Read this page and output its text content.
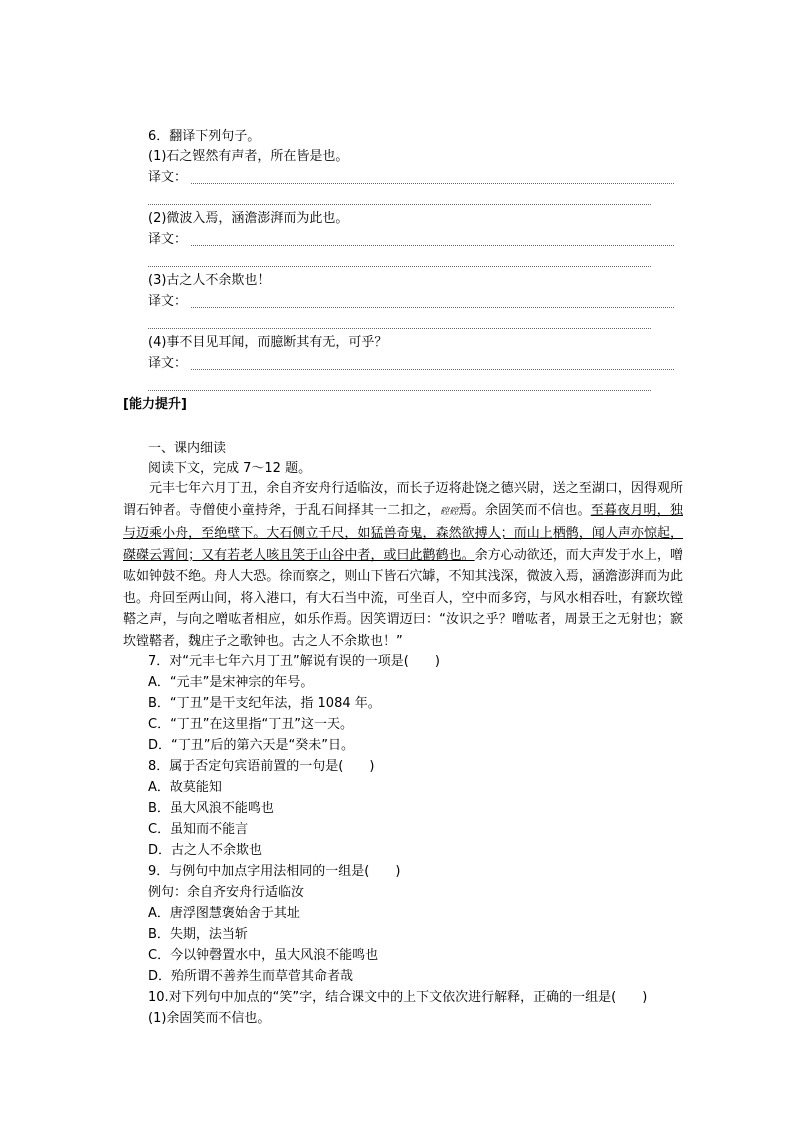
6．翻译下列句子。
(1)石之铿然有声者，所在皆是也。
译文：
(2)微波入焉，涵澹澎湃而为此也。
译文：
(3)古之人不余欺也！
译文：
(4)事不目见耳闻，而臆断其有无，可乎？
译文：
[能力提升]
一、课内细读
阅读下文，完成 7～12 题。

元丰七年六月丁丑，余自齐安舟行适临汝，而长子迈将赴饶之德兴尉，送之至湖口，因得观所谓石钟者。寺僧使小童持斧，于乱石间择其一二扣之，硿硿焉。余固笑而不信也。至暮夜月明，独与迈乘小舟，至绝壁下。大石侧立千尺，如猛兽奇鬼，森然欲搏人；而山上栖鹘，闻人声亦惊起，磔磔云霄间；又有若老人咳且笑于山谷中者，或曰此鹳鹤也。余方心动欲还，而大声发于水上，噌吰如钟鼓不绝。舟人大恐。徐而察之，则山下皆石穴罅，不知其浅深，微波入焉，涵澹澎湃而为此也。舟回至两山间，将入港口，有大石当中流，可坐百人，空中而多窍，与风水相吞吐，有窾坎镗鞳之声，与向之噌吰者相应，如乐作焉。因笑谓迈曰：“汝识之乎？噌吰者，周景王之无射也；窾坎镗鞳者，魏庄子之歌钟也。古之人不余欺也！”

7．对“元丰七年六月丁丑”解说有误的一项是(　　)
A．“元丰”是宋神宗的年号。
B．“丁丑”是干支纪年法，指 1084 年。
C．“丁丑”在这里指“丁丑”这一天。
D．“丁丑”后的第六天是“癸未”日。
8．属于否定句宾语前置的一句是(　　)
A．故莫能知
B．虽大风浪不能鸣也
C．虽知而不能言
D．古之人不余欺也
9．与例句中加点字用法相同的一组是(　　)
例句：余自齐安舟行适临汝
A．唐浮图慧褒始舍于其址
B．失期，法当斩
C．今以钟磬置水中，虽大风浪不能鸣也
D．殆所谓不善养生而草菅其命者哉
10.对下列句中加点的“笑”字，结合课文中的上下文依次进行解释，正确的一组是(　　)
(1)余固笑而不信也。
